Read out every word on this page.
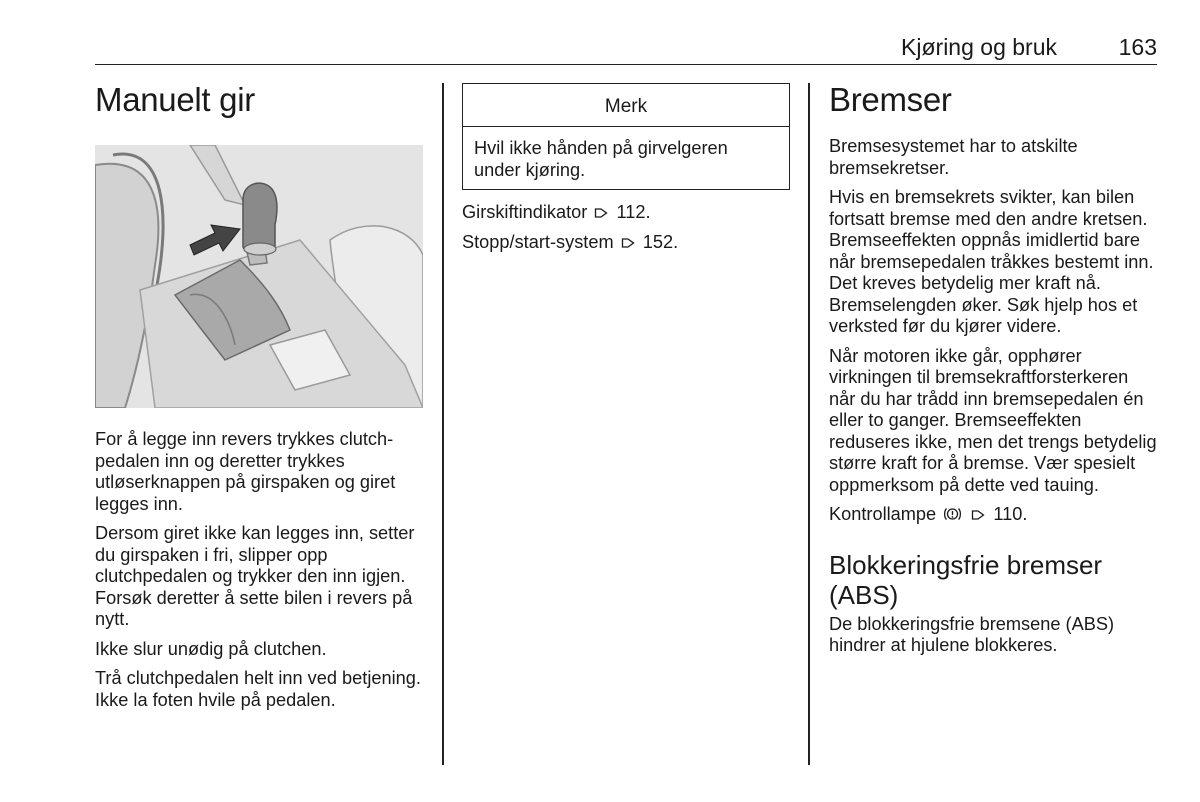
Kjøring og bruk	163
Manuelt gir

For å legge inn revers trykkes clutch-pedalen inn og deretter trykkes utløserknappen på girspaken og giret legges inn.

Dersom giret ikke kan legges inn, setter du girspaken i fri, slipper opp clutchpedalen og trykker den inn igjen. Forsøk deretter å sette bilen i revers på nytt.

Ikke slur unødig på clutchen.

Trå clutchpedalen helt inn ved betjening. Ikke la foten hvile på pedalen.

Merk
Hvil ikke hånden på girvelgeren under kjøring.

Girskiftindikator 112.

Stopp/start-system 152.

Bremser

Bremsesystemet har to atskilte bremsekretser.

Hvis en bremsekrets svikter, kan bilen fortsatt bremse med den andre kretsen. Bremseeffekten oppnås imidlertid bare når bremsepedalen tråkkes bestemt inn. Det kreves betydelig mer kraft nå. Bremselengden øker. Søk hjelp hos et verksted før du kjører videre.

Når motoren ikke går, opphører virkningen til bremsekraftforsterkeren når du har trådd inn bremsepedalen én eller to ganger. Bremseeffekten reduseres ikke, men det trengs betydelig større kraft for å bremse. Vær spesielt oppmerksom på dette ved tauing.

Kontrollampe	110.

Blokkeringsfrie bremser (ABS)

De blokkeringsfrie bremsene (ABS) hindrer at hjulene blokkeres.
